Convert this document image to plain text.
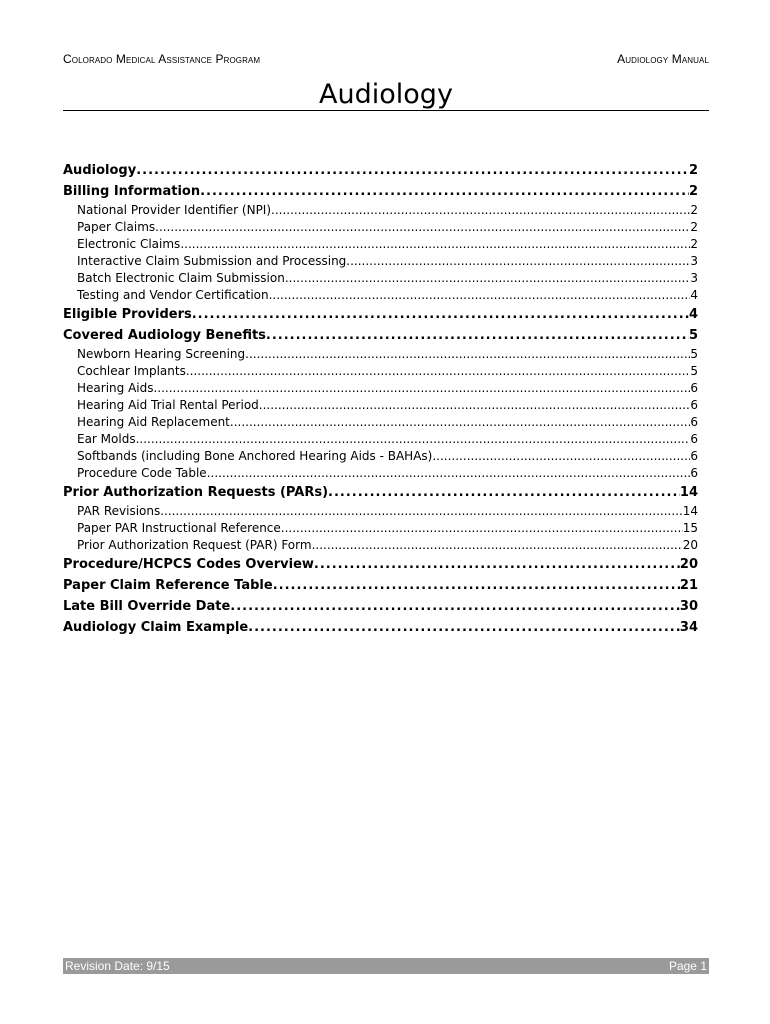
Colorado Medical Assistance Program	Audiology Manual
Audiology
Audiology .....	2
Billing Information .....	2
National Provider Identifier (NPI) .....	2
Paper Claims .....	2
Electronic Claims .....	2
Interactive Claim Submission and Processing .....	3
Batch Electronic Claim Submission .....	3
Testing and Vendor Certification .....	4
Eligible Providers .....	4
Covered Audiology Benefits .....	5
Newborn Hearing Screening .....	5
Cochlear Implants .....	5
Hearing Aids .....	6
Hearing Aid Trial Rental Period .....	6
Hearing Aid Replacement .....	6
Ear Molds .....	6
Softbands (including Bone Anchored Hearing Aids - BAHAs) .....	6
Procedure Code Table .....	6
Prior Authorization Requests (PARs) .....	14
PAR Revisions .....	14
Paper PAR Instructional Reference .....	15
Prior Authorization Request (PAR) Form .....	20
Procedure/HCPCS Codes Overview .....	20
Paper Claim Reference Table .....	21
Late Bill Override Date .....	30
Audiology Claim Example .....	34
Revision Date: 9/15	Page 1
